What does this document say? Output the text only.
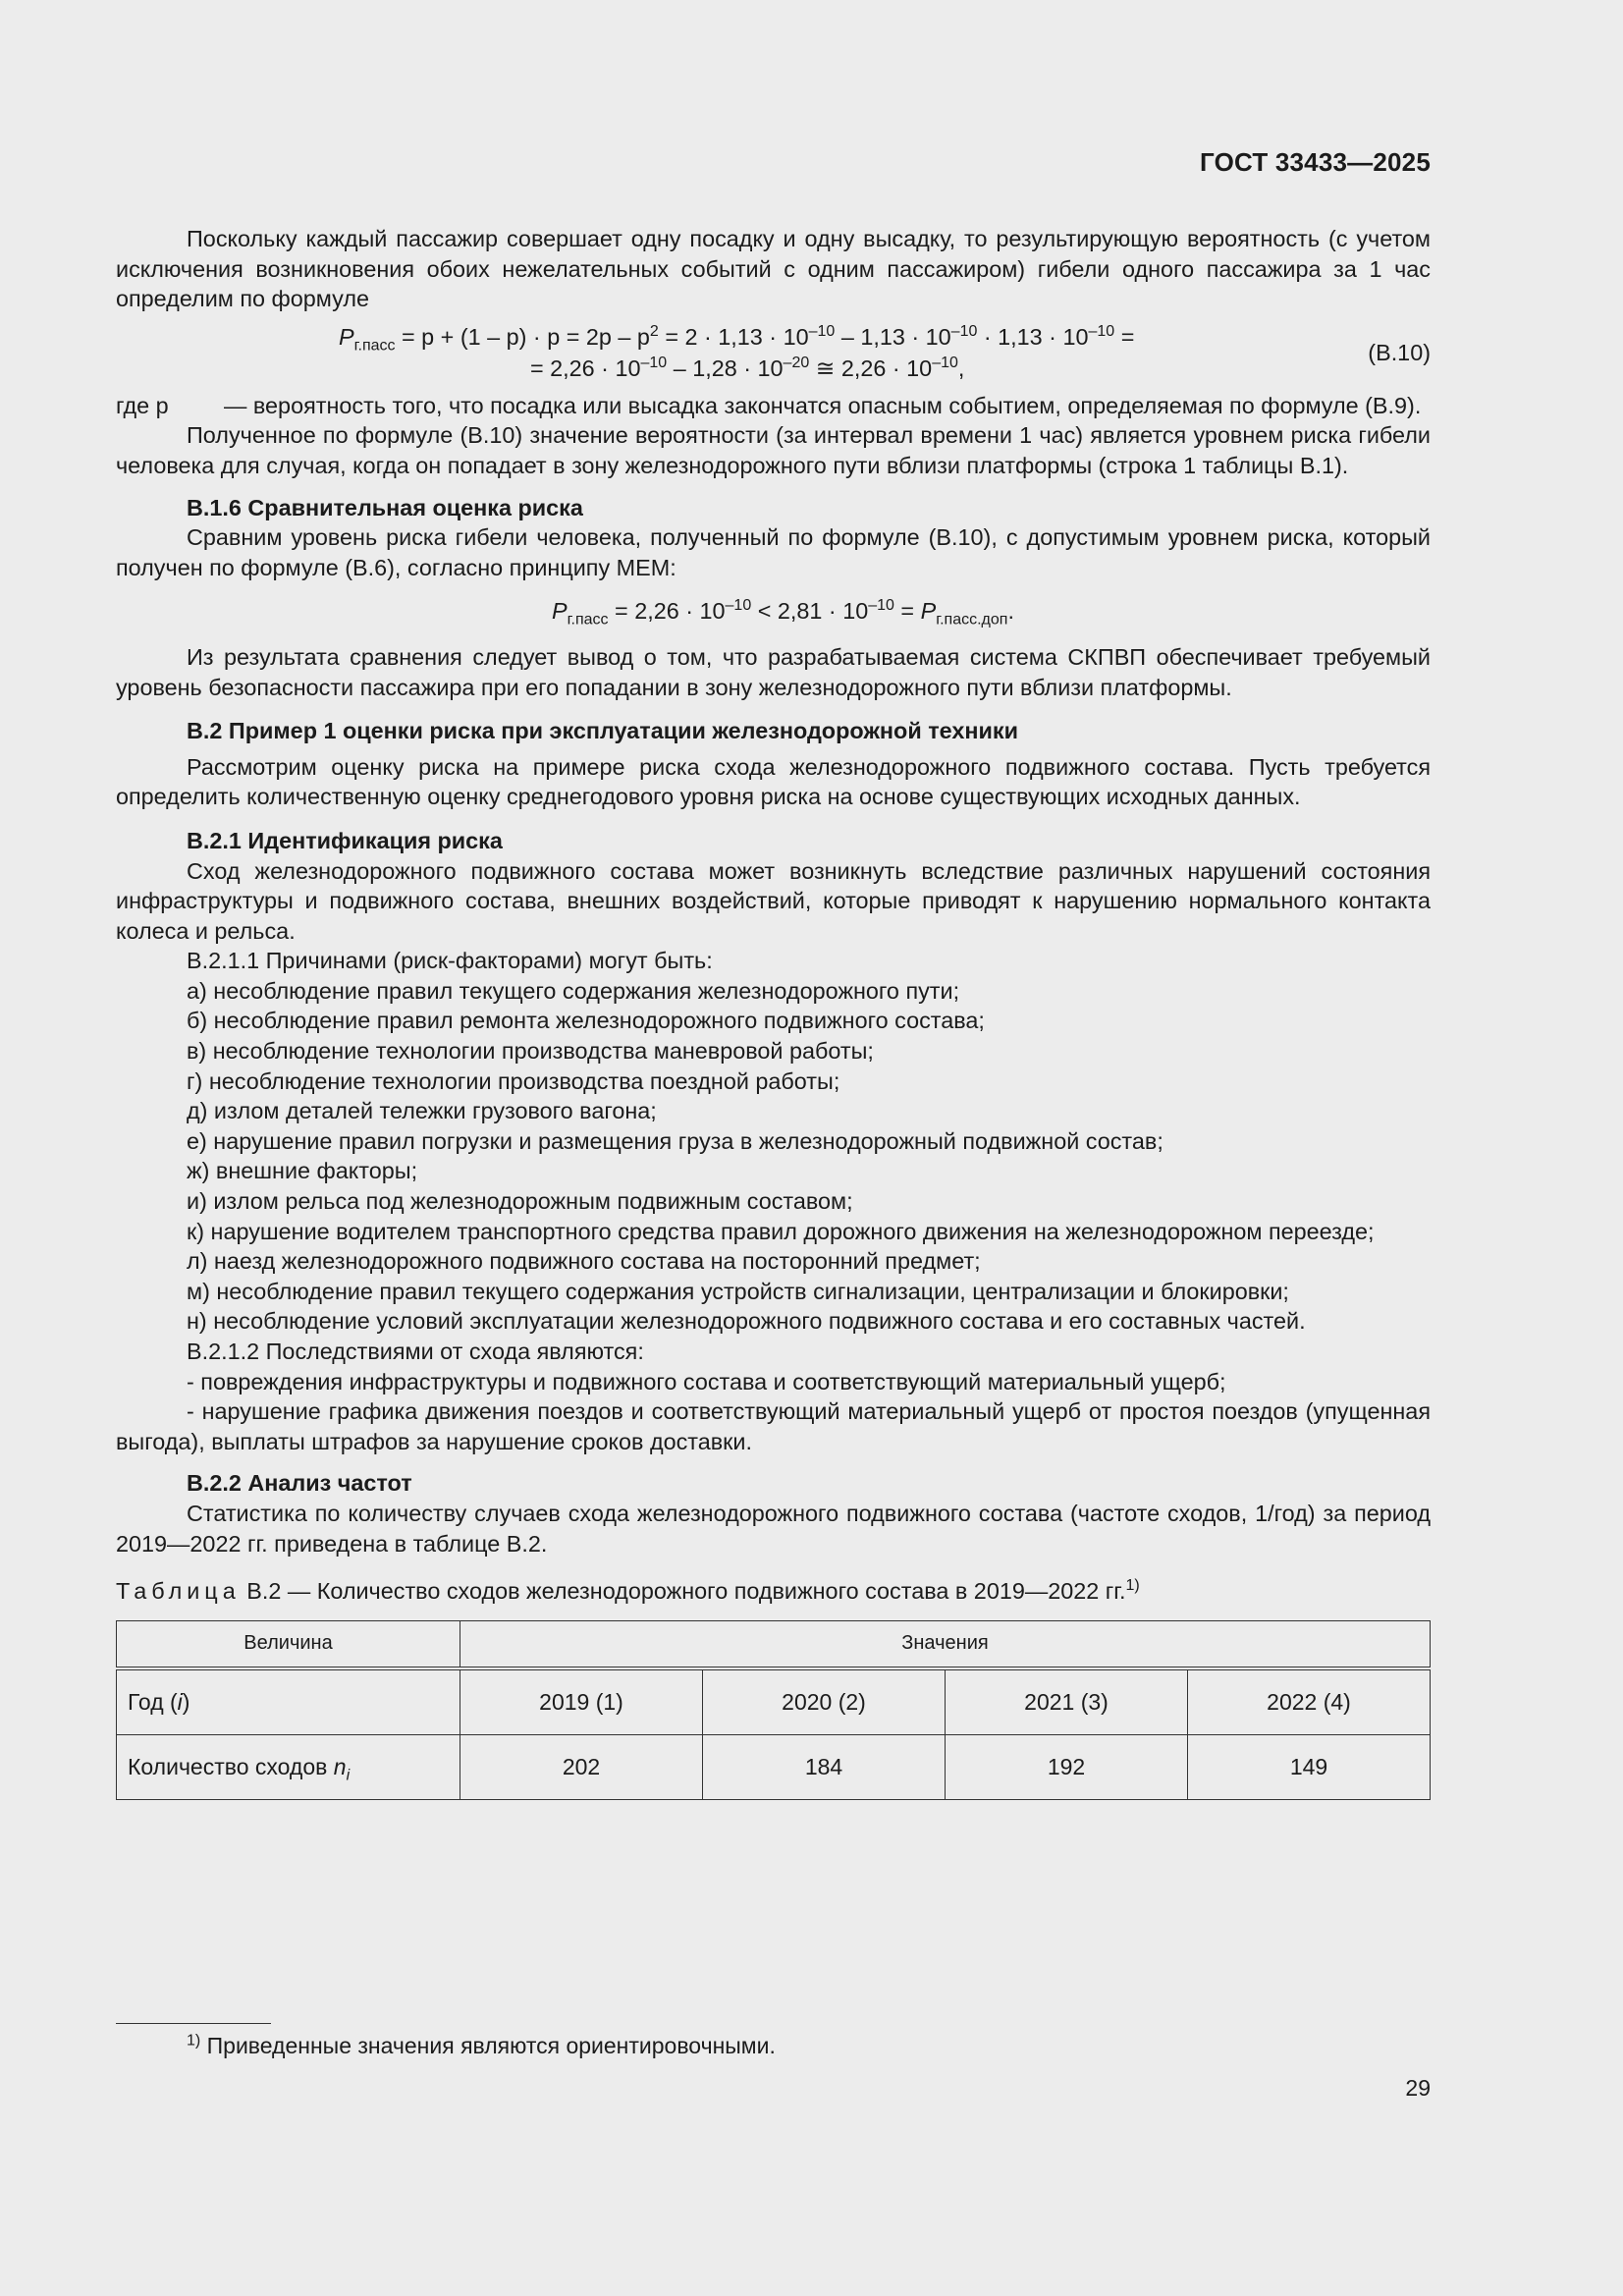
ГОСТ 33433—2025

Поскольку каждый пассажир совершает одну посадку и одну высадку, то результирующую вероятность (с учетом исключения возникновения обоих нежелательных событий с одним пассажиром) гибели одного пассажира за 1 час определим по формуле

$P_{г.пасс} = p + (1 - p) \cdot p = 2p - p^2 = 2 \cdot 1,13 \cdot 10^{-10} - 1,13 \cdot 10^{-10} \cdot 1,13 \cdot 10^{-10}$ =
= $2,26 \cdot 10^{-10} - 1,28 \cdot 10^{-20}$ ≅ $2,26 \cdot 10^{-10}$,
(В.10)
где p — вероятность того, что посадка или высадка закончатся опасным событием, определяемая по формуле (В.9).

Полученное по формуле (В.10) значение вероятности (за интервал времени 1 час) является уровнем риска гибели человека для случая, когда он попадает в зону железнодорожного пути вблизи платформы (строка 1 таблицы В.1).

В.1.6 Сравнительная оценка риска

Сравним уровень риска гибели человека, полученный по формуле (В.10), с допустимым уровнем риска, который получен по формуле (В.6), согласно принципу MEM:

$P_{г.пасс} = 2,26 \cdot 10^{-10} < 2,81 \cdot 10^{-10} = P_{г.пасс.доп}$.

Из результата сравнения следует вывод о том, что разрабатываемая система СКПВП обеспечивает требуемый уровень безопасности пассажира при его попадании в зону железнодорожного пути вблизи платформы.

В.2 Пример 1 оценки риска при эксплуатации железнодорожной техники

Рассмотрим оценку риска на примере риска схода железнодорожного подвижного состава. Пусть требуется определить количественную оценку среднегодового уровня риска на основе существующих исходных данных.

В.2.1 Идентификация риска

Сход железнодорожного подвижного состава может возникнуть вследствие различных нарушений состояния инфраструктуры и подвижного состава, внешних воздействий, которые приводят к нарушению нормального контакта колеса и рельса.

В.2.1.1 Причинами (риск-факторами) могут быть:
а) несоблюдение правил текущего содержания железнодорожного пути;
б) несоблюдение правил ремонта железнодорожного подвижного состава;
в) несоблюдение технологии производства маневровой работы;
г) несоблюдение технологии производства поездной работы;
д) излом деталей тележки грузового вагона;
е) нарушение правил погрузки и размещения груза в железнодорожный подвижной состав;
ж) внешние факторы;
и) излом рельса под железнодорожным подвижным составом;

к) нарушение водителем транспортного средства правил дорожного движения на железнодорожном переезде;

л) наезд железнодорожного подвижного состава на посторонний предмет;
м) несоблюдение правил текущего содержания устройств сигнализации, централизации и блокировки;
н) несоблюдение условий эксплуатации железнодорожного подвижного состава и его составных частей.
В.2.1.2 Последствиями от схода являются:
- повреждения инфраструктуры и подвижного состава и соответствующий материальный ущерб;

- нарушение графика движения поездов и соответствующий материальный ущерб от простоя поездов (упущенная выгода), выплаты штрафов за нарушение сроков доставки.

В.2.2 Анализ частот

Статистика по количеству случаев схода железнодорожного подвижного состава (частоте сходов, 1/год) за период 2019—2022 гг. приведена в таблице В.2.

Таблица В.2 — Количество сходов железнодорожного подвижного состава в 2019—2022 гг.$^{1)}$
Величина	Значения			
Год (i)	2019 (1)	2020 (2)	2021 (3)	2022 (4)
Количество сходов $n_i$	202	184	192	149
$^{1)}$ Приведенные значения являются ориентировочными.
29
